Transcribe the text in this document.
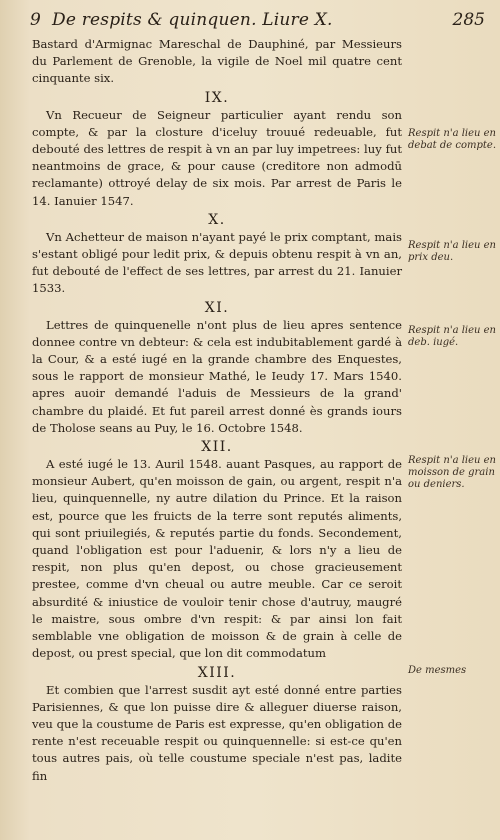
9 De respits & quinquen. Liure X.	285

Bastard d'Armignac Mareschal de Dauphiné, par Messieurs du Parlement de Grenoble, la vigile de Noel mil quatre cent cinquante six.

IX.

Vn Recueur de Seigneur particulier ayant rendu son compte, & par la closture d'iceluy trouué redeuable, fut debouté des lettres de respit à vn an par luy impetrees: luy fut neantmoins de grace, & pour cause (creditore non admodū reclamante) ottroyé delay de six mois. Par arrest de Paris le 14. Ianuier 1547.

X.

Vn Achetteur de maison n'ayant payé le prix comptant, mais s'estant obligé pour ledit prix, & depuis obtenu respit à vn an, fut debouté de l'effect de ses lettres, par arrest du 21. Ianuier 1533.

XI.

Lettres de quinquenelle n'ont plus de lieu apres sentence donnee contre vn debteur: & cela est indubitablement gardé à la Cour, & a esté iugé en la grande chambre des Enquestes, sous le rapport de monsieur Mathé, le Ieudy 17. Mars 1540. apres auoir demandé l'aduis de Messieurs de la grand' chambre du plaidé. Et fut pareil arrest donné ès grands iours de Tholose seans au Puy, le 16. Octobre 1548.

XII.

A esté iugé le 13. Auril 1548. auant Pasques, au rapport de monsieur Aubert, qu'en moisson de gain, ou argent, respit n'a lieu, quinquennelle, ny autre dilation du Prince. Et la raison est, pource que les fruicts de la terre sont reputés aliments, qui sont priuilegiés, & reputés partie du fonds. Secondement, quand l'obligation est pour l'aduenir, & lors n'y a lieu de respit, non plus qu'en depost, ou chose gracieusement prestee, comme d'vn cheual ou autre meuble. Car ce seroit absurdité & iniustice de vouloir tenir chose d'autruy, maugré le maistre, sous ombre d'vn respit: & par ainsi lon fait semblable vne obligation de moisson & de grain à celle de depost, ou prest special, que lon dit commodatum

XIII.

Et combien que l'arrest susdit ayt esté donné entre parties Parisiennes, & que lon puisse dire & alleguer diuerse raison, veu que la coustume de Paris est expresse, qu'en obligation de rente n'est receuable respit ou quinquennelle: si est-ce qu'en tous autres pais, où telle coustume speciale n'est pas, ladite fin

Respit n'a lieu en debat de compte.
Respit n'a lieu en prix deu.
Respit n'a lieu en deb. iugé.
Respit n'a lieu en moisson de grain ou deniers.
De mesmes
